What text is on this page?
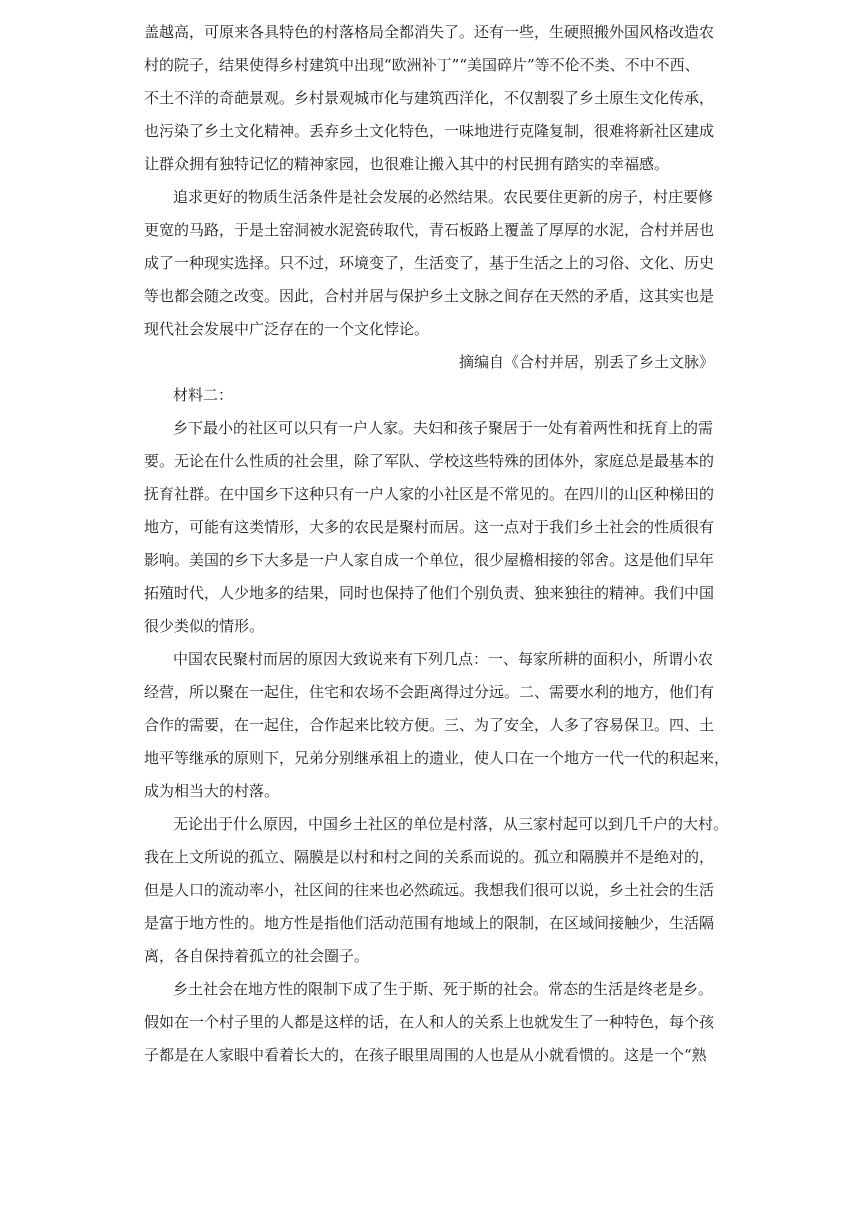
盖越高，可原来各具特色的村落格局全都消失了。还有一些，生硬照搬外国风格改造农
村的院子，结果使得乡村建筑中出现“欧洲补丁”“美国碎片”等不伦不类、不中不西、
不土不洋的奇葩景观。乡村景观城市化与建筑西洋化，不仅割裂了乡土原生文化传承，
也污染了乡土文化精神。丢弃乡土文化特色，一味地进行克隆复制，很难将新社区建成
让群众拥有独特记忆的精神家园，也很难让搬入其中的村民拥有踏实的幸福感。
追求更好的物质生活条件是社会发展的必然结果。农民要住更新的房子，村庄要修
更宽的马路，于是土窑洞被水泥瓷砖取代，青石板路上覆盖了厚厚的水泥，合村并居也
成了一种现实选择。只不过，环境变了，生活变了，基于生活之上的习俗、文化、历史
等也都会随之改变。因此，合村并居与保护乡土文脉之间存在天然的矛盾，这其实也是
现代社会发展中广泛存在的一个文化悖论。
摘编自《合村并居，别丢了乡土文脉》
材料二：
乡下最小的社区可以只有一户人家。夫妇和孩子聚居于一处有着两性和抚育上的需
要。无论在什么性质的社会里，除了军队、学校这些特殊的团体外，家庭总是最基本的
抚育社群。在中国乡下这种只有一户人家的小社区是不常见的。在四川的山区种梯田的
地方，可能有这类情形，大多的农民是聚村而居。这一点对于我们乡土社会的性质很有
影响。美国的乡下大多是一户人家自成一个单位，很少屋檐相接的邻舍。这是他们早年
拓殖时代，人少地多的结果，同时也保持了他们个别负责、独来独往的精神。我们中国
很少类似的情形。
中国农民聚村而居的原因大致说来有下列几点：一、每家所耕的面积小，所谓小农
经营，所以聚在一起住，住宅和农场不会距离得过分远。二、需要水利的地方，他们有
合作的需要，在一起住，合作起来比较方便。三、为了安全，人多了容易保卫。四、土
地平等继承的原则下，兄弟分别继承祖上的遗业，使人口在一个地方一代一代的积起来，
成为相当大的村落。
无论出于什么原因，中国乡土社区的单位是村落，从三家村起可以到几千户的大村。
我在上文所说的孤立、隔膜是以村和村之间的关系而说的。孤立和隔膜并不是绝对的，
但是人口的流动率小，社区间的往来也必然疏远。我想我们很可以说，乡土社会的生活
是富于地方性的。地方性是指他们活动范围有地域上的限制，在区域间接触少，生活隔
离，各自保持着孤立的社会圈子。
乡土社会在地方性的限制下成了生于斯、死于斯的社会。常态的生活是终老是乡。
假如在一个村子里的人都是这样的话，在人和人的关系上也就发生了一种特色，每个孩
子都是在人家眼中看着长大的，在孩子眼里周围的人也是从小就看惯的。这是一个“熟
